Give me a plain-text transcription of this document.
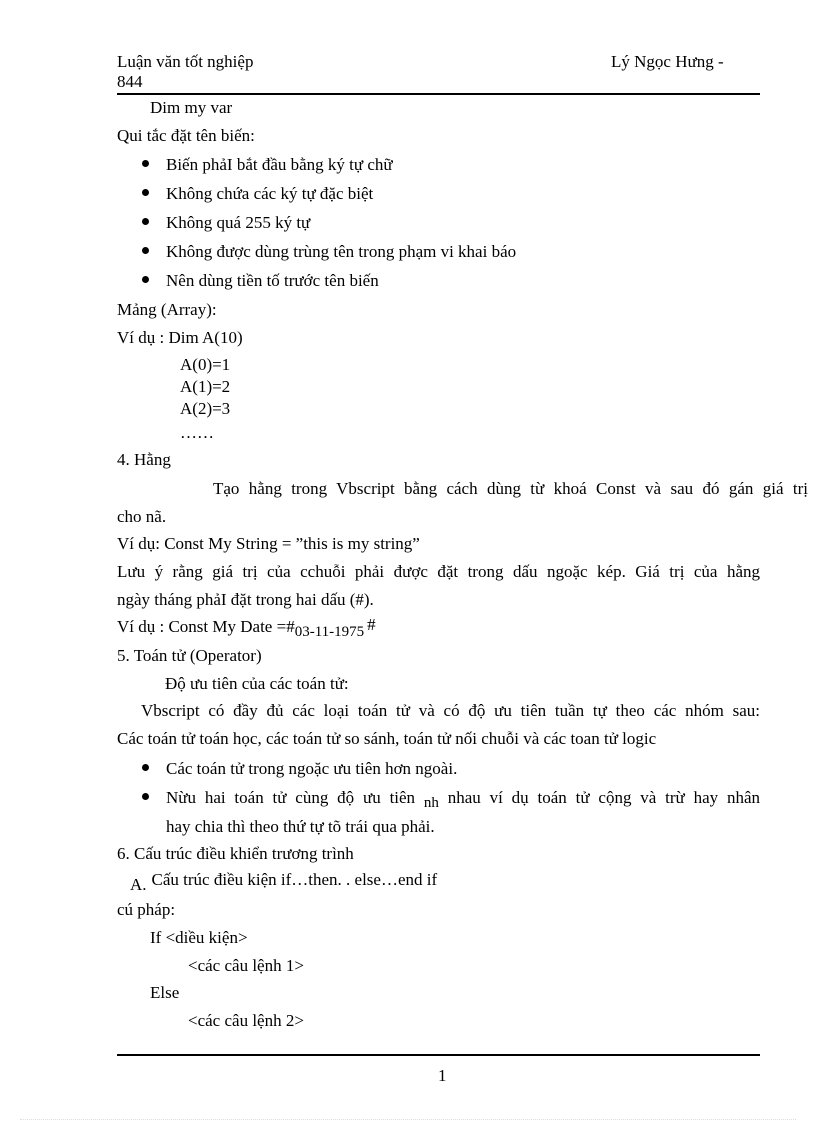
Luận văn tốt nghiệp
844
Lý Ngọc Hưng -
Dim my var
Qui tắc đặt tên biến:
Biến phảI bắt đầu bằng ký tự chữ
Không chứa các ký tự đặc biệt
Không quá 255 ký tự
Không được dùng trùng tên trong phạm vi khai báo
Nên dùng tiền tố trước tên biến
Mảng (Array):
Ví dụ : Dim A(10)
A(0)=1
A(1)=2
A(2)=3
……
4. Hằng
Tạo hằng trong Vbscript bằng cách dùng từ khoá Const và sau đó gán giá trị
cho nã.
Ví dụ: Const My String = ”this is my string”
Lưu ý rằng giá trị của cchuỗi phải được đặt trong dấu ngoặc kép. Giá trị của hằng
ngày tháng phảI đặt trong hai dấu (#).
Ví dụ : Const My Date =#03-11-1975 #
5. Toán tử (Operator)
Độ ưu tiên của các toán tử:
Vbscript có đầy đủ các loại toán tử và có độ ưu tiên tuần tự theo các nhóm sau:
Các toán tử toán học, các toán tử so sánh, toán tử nối chuỗi và các toan tử logic
Các toán tử trong ngoặc ưu tiên hơn ngoài.
Nừu hai toán tử cùng độ ưu tiên nh nhau ví dụ toán tử cộng và trừ hay nhân
hay chia thì theo thứ tự tõ trái qua phải.
6. Cấu trúc điều khiển trương trình
A. Cấu trúc điều kiện if…then. . else…end if
cú pháp:
If <diều kiện>
<các câu lệnh 1>
Else
<các câu lệnh 2>
1
